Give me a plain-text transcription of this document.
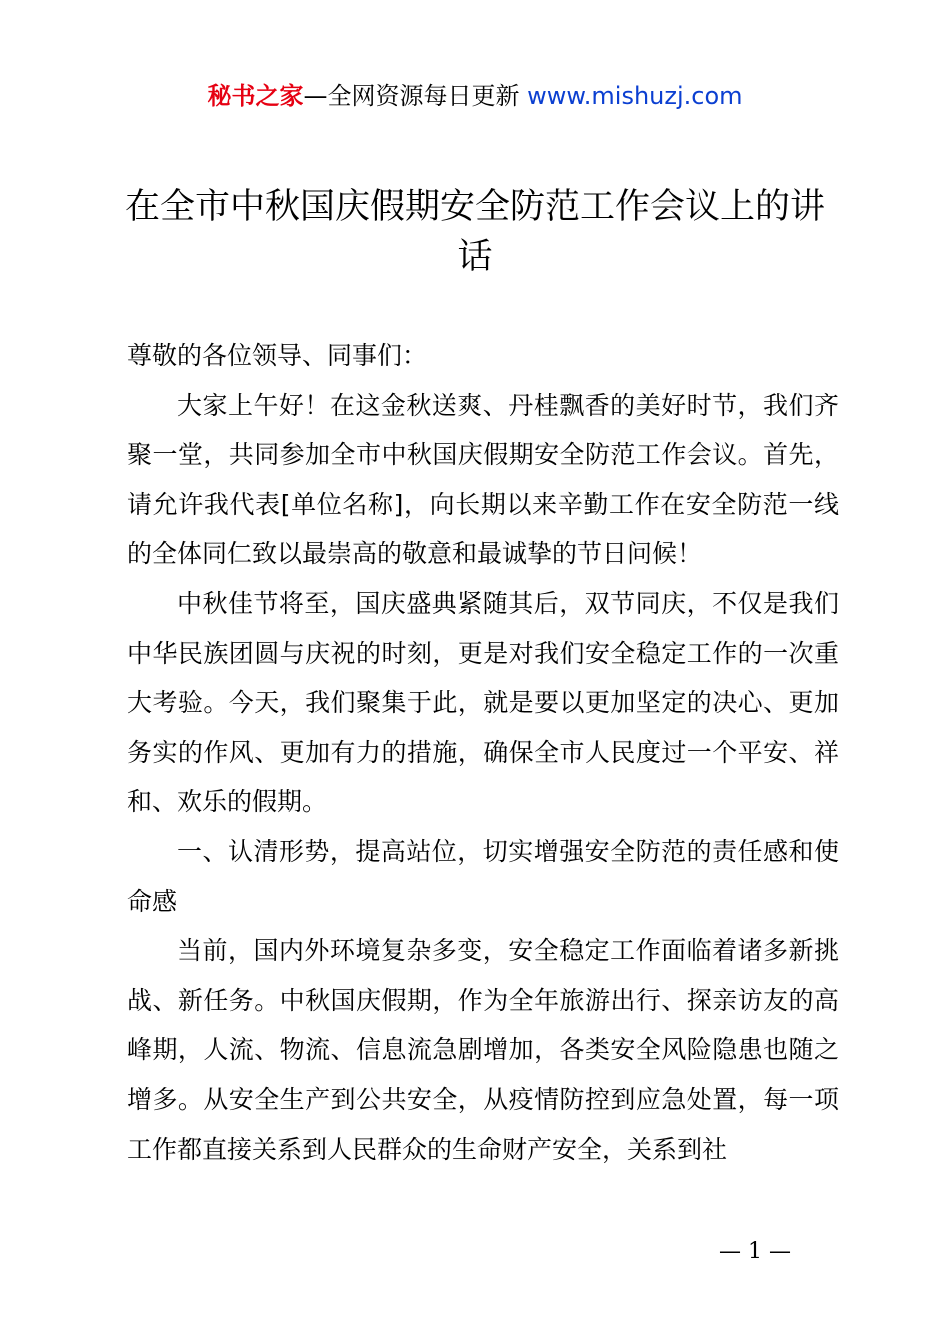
秘书之家—全网资源每日更新 www.mishuzj.com
在全市中秋国庆假期安全防范工作会议上的讲话

尊敬的各位领导、同事们：

大家上午好！在这金秋送爽、丹桂飘香的美好时节，我们齐聚一堂，共同参加全市中秋国庆假期安全防范工作会议。首先，请允许我代表[单位名称]，向长期以来辛勤工作在安全防范一线的全体同仁致以最崇高的敬意和最诚挚的节日问候！

中秋佳节将至，国庆盛典紧随其后，双节同庆，不仅是我们中华民族团圆与庆祝的时刻，更是对我们安全稳定工作的一次重大考验。今天，我们聚集于此，就是要以更加坚定的决心、更加务实的作风、更加有力的措施，确保全市人民度过一个平安、祥和、欢乐的假期。

一、认清形势，提高站位，切实增强安全防范的责任感和使命感

当前，国内外环境复杂多变，安全稳定工作面临着诸多新挑战、新任务。中秋国庆假期，作为全年旅游出行、探亲访友的高峰期，人流、物流、信息流急剧增加，各类安全风险隐患也随之增多。从安全生产到公共安全，从疫情防控到应急处置，每一项工作都直接关系到人民群众的生命财产安全，关系到社

— 1 —
